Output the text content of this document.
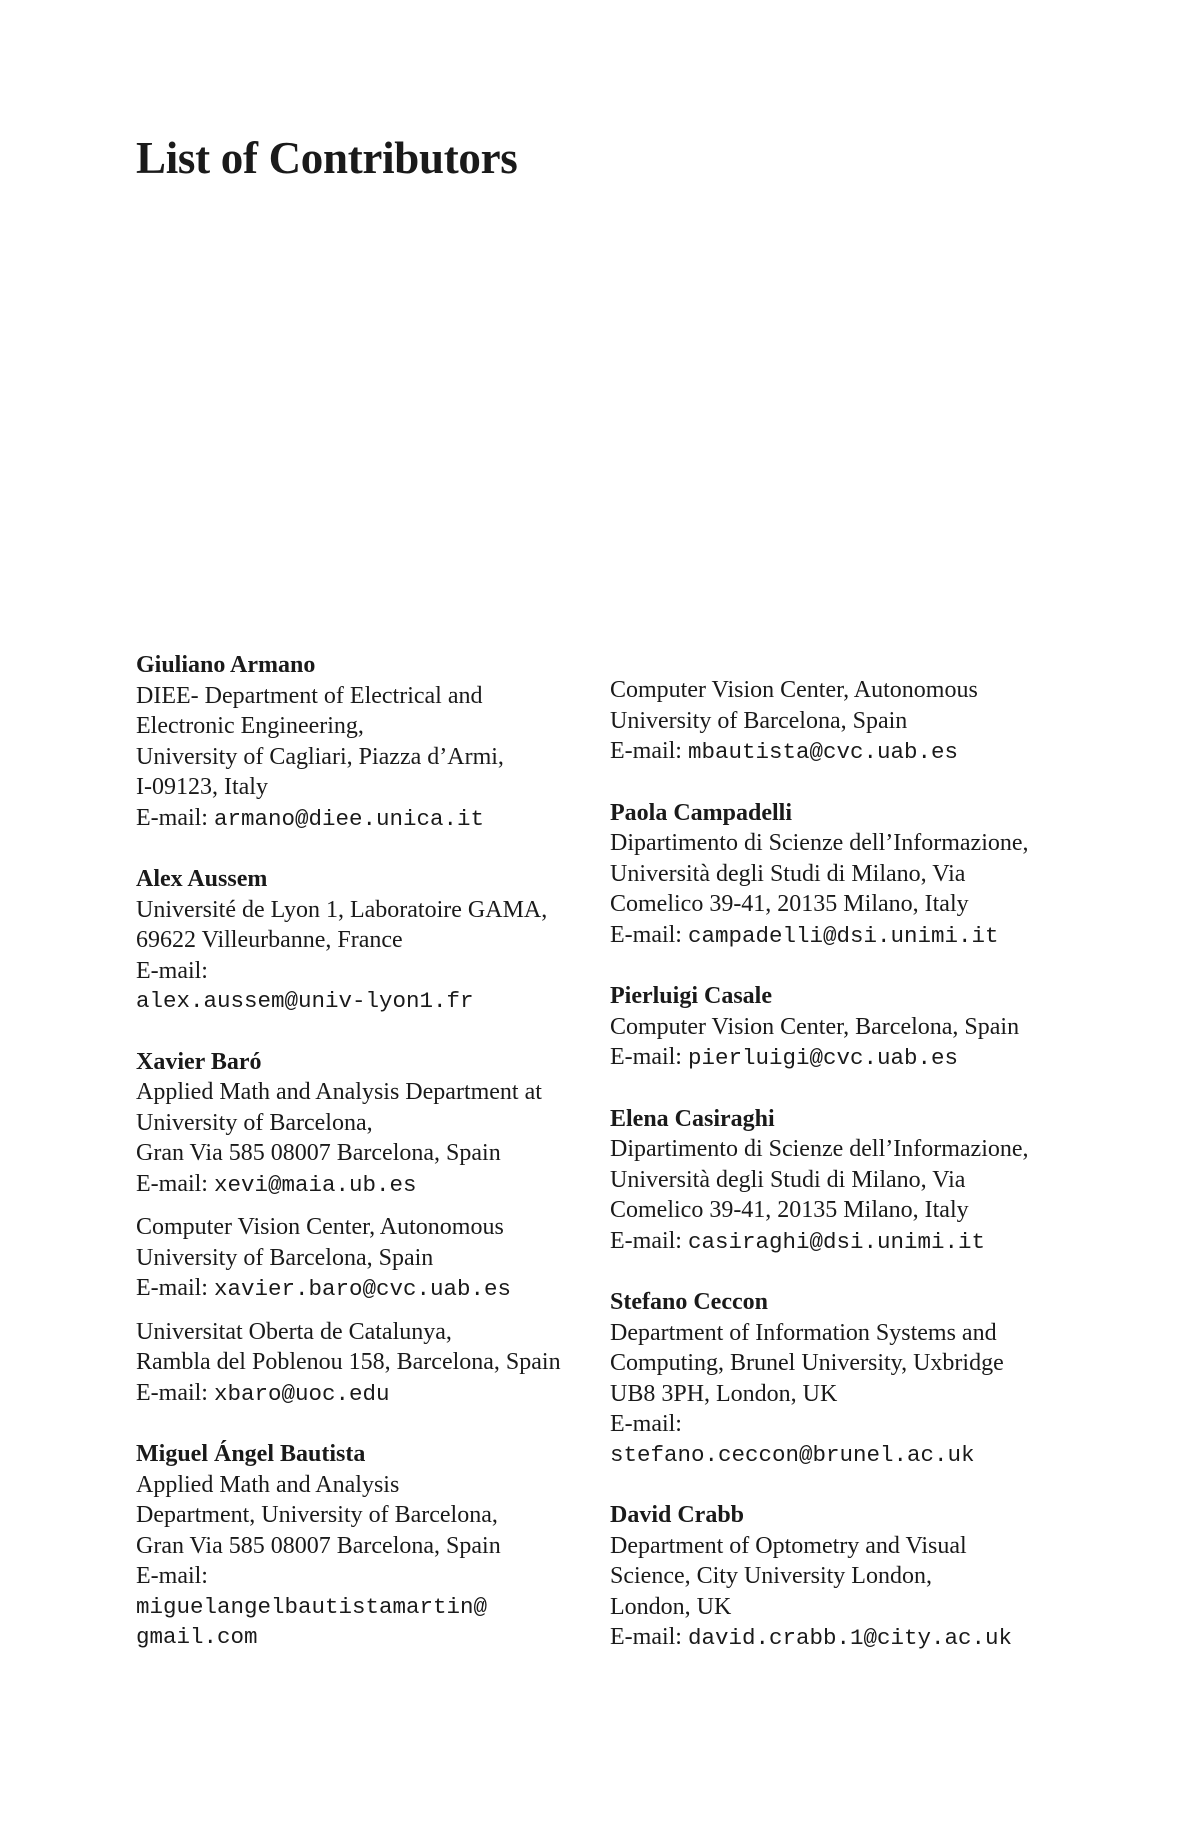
List of Contributors
Giuliano Armano
DIEE- Department of Electrical and
Electronic Engineering,
University of Cagliari, Piazza d’Armi,
I-09123, Italy
E-mail: armano@diee.unica.it
Alex Aussem
Université de Lyon 1, Laboratoire GAMA,
69622 Villeurbanne, France
E-mail:
alex.aussem@univ-lyon1.fr
Xavier Baró
Applied Math and Analysis Department at
University of Barcelona,
Gran Via 585 08007 Barcelona, Spain
E-mail: xevi@maia.ub.es
Computer Vision Center, Autonomous
University of Barcelona, Spain
E-mail: xavier.baro@cvc.uab.es
Universitat Oberta de Catalunya,
Rambla del Poblenou 158, Barcelona, Spain
E-mail: xbaro@uoc.edu
Miguel Ángel Bautista
Applied Math and Analysis
Department, University of Barcelona,
Gran Via 585 08007 Barcelona, Spain
E-mail:
miguelangelbautistamartin@
gmail.com
Computer Vision Center, Autonomous
University of Barcelona, Spain
E-mail: mbautista@cvc.uab.es
Paola Campadelli
Dipartimento di Scienze dell’Informazione,
Università degli Studi di Milano, Via
Comelico 39-41, 20135 Milano, Italy
E-mail: campadelli@dsi.unimi.it
Pierluigi Casale
Computer Vision Center, Barcelona, Spain
E-mail: pierluigi@cvc.uab.es
Elena Casiraghi
Dipartimento di Scienze dell’Informazione,
Università degli Studi di Milano, Via
Comelico 39-41, 20135 Milano, Italy
E-mail: casiraghi@dsi.unimi.it
Stefano Ceccon
Department of Information Systems and
Computing, Brunel University, Uxbridge
UB8 3PH, London, UK
E-mail:
stefano.ceccon@brunel.ac.uk
David Crabb
Department of Optometry and Visual
Science, City University London,
London, UK
E-mail: david.crabb.1@city.ac.uk
